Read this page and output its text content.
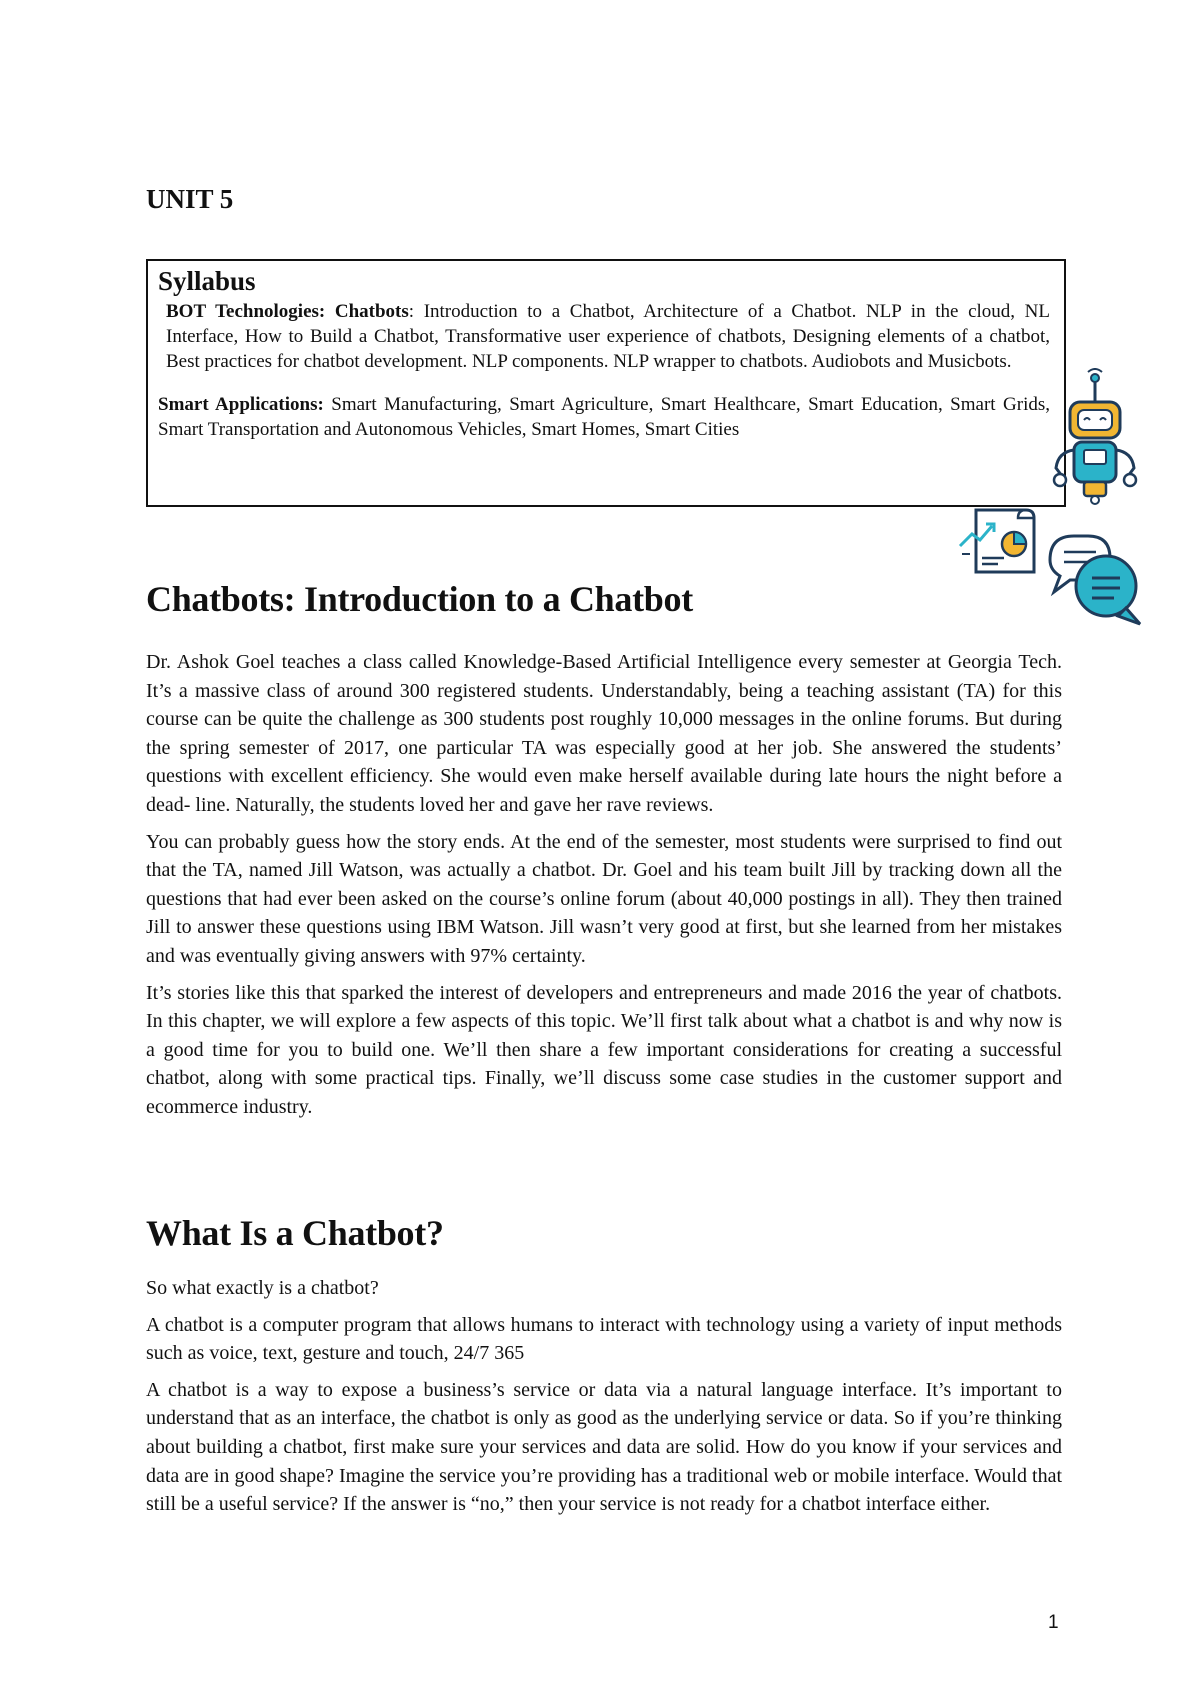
UNIT 5
Syllabus

BOT Technologies: Chatbots: Introduction to a Chatbot, Architecture of a Chatbot. NLP in the cloud, NL Interface, How to Build a Chatbot, Transformative user experience of chatbots, Designing elements of a chatbot, Best practices for chatbot development. NLP components. NLP wrapper to chatbots. Audiobots and Musicbots.

Smart Applications: Smart Manufacturing, Smart Agriculture, Smart Healthcare, Smart Education, Smart Grids, Smart Transportation and Autonomous Vehicles, Smart Homes, Smart Cities

Chatbots: Introduction to a Chatbot

Dr. Ashok Goel teaches a class called Knowledge-Based Artificial Intelligence every semester at Georgia Tech. It’s a massive class of around 300 registered students. Understandably, being a teaching assistant (TA) for this course can be quite the challenge as 300 students post roughly 10,000 messages in the online forums. But during the spring semester of 2017, one particular TA was especially good at her job. She answered the students’ questions with excellent efficiency. She would even make herself available during late hours the night before a dead- line. Naturally, the students loved her and gave her rave reviews.

You can probably guess how the story ends. At the end of the semester, most students were surprised to find out that the TA, named Jill Watson, was actually a chatbot. Dr. Goel and his team built Jill by tracking down all the questions that had ever been asked on the course’s online forum (about 40,000 postings in all). They then trained Jill to answer these questions using IBM Watson. Jill wasn’t very good at first, but she learned from her mistakes and was eventually giving answers with 97% certainty.

It’s stories like this that sparked the interest of developers and entrepreneurs and made 2016 the year of chatbots. In this chapter, we will explore a few aspects of this topic. We’ll first talk about what a chatbot is and why now is a good time for you to build one. We’ll then share a few important considerations for creating a successful chatbot, along with some practical tips. Finally, we’ll discuss some case studies in the customer support and ecommerce industry.

What Is a Chatbot?

So what exactly is a chatbot?

A chatbot is a computer program that allows humans to interact with technology using a variety of input methods such as voice, text, gesture and touch, 24/7 365

A chatbot is a way to expose a business’s service or data via a natural language interface. It’s important to understand that as an interface, the chatbot is only as good as the underlying service or data. So if you’re thinking about building a chatbot, first make sure your services and data are solid. How do you know if your services and data are in good shape? Imagine the service you’re providing has a traditional web or mobile interface. Would that still be a useful service? If the answer is “no,” then your service is not ready for a chatbot interface either.

1
